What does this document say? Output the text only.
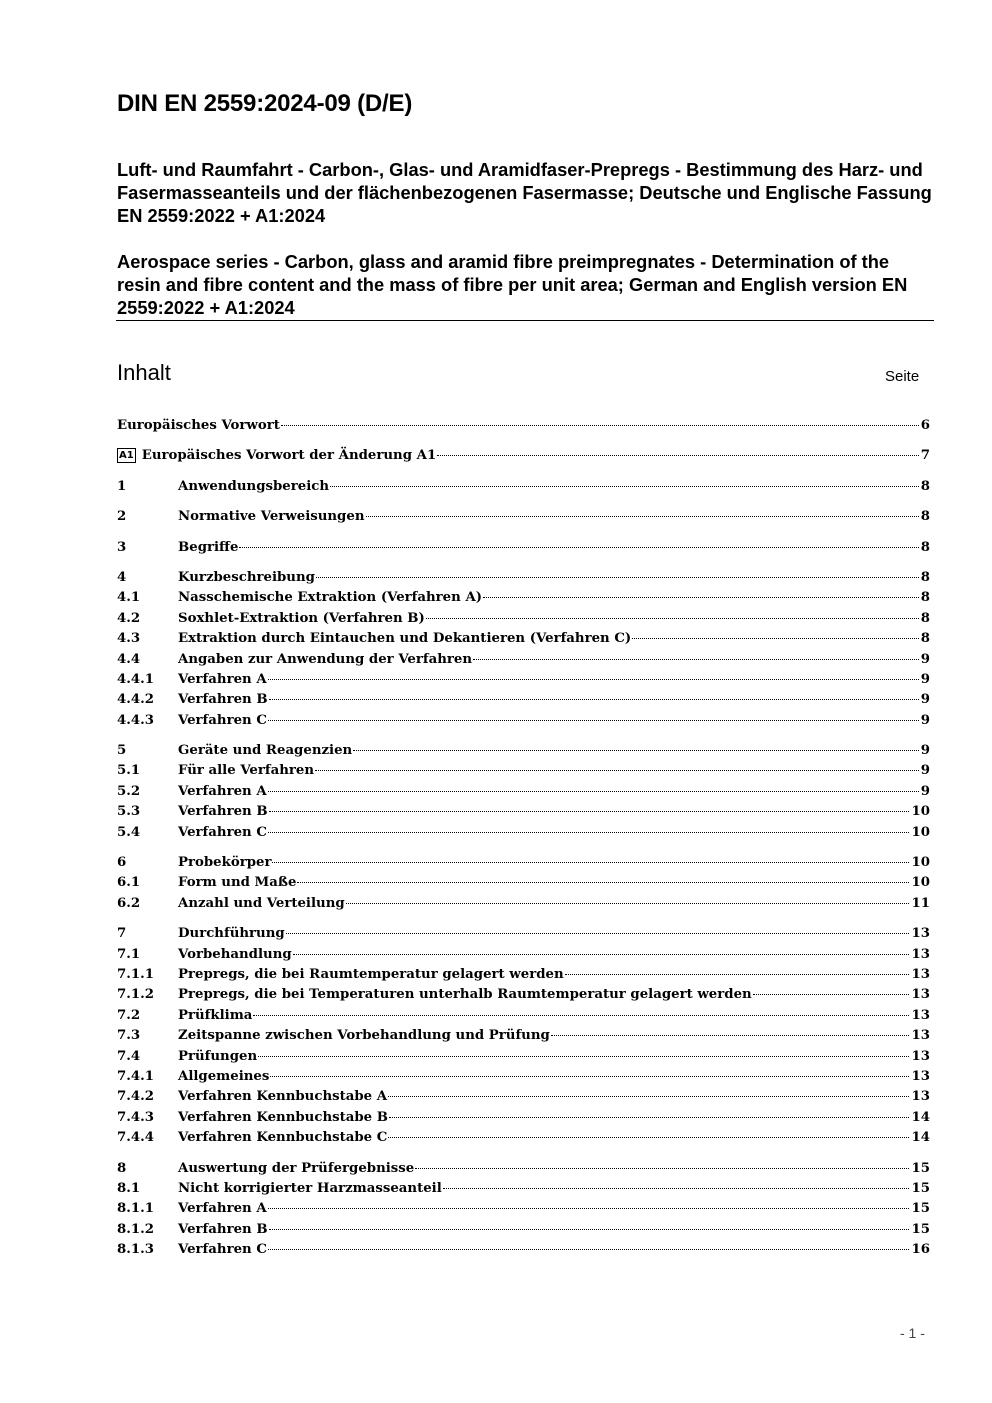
DIN EN 2559:2024-09 (D/E)

Luft- und Raumfahrt - Carbon-, Glas- und Aramidfaser-Prepregs - Bestimmung des Harz- und Fasermasseanteils und der flächenbezogenen Fasermasse; Deutsche und Englische Fassung EN 2559:2022 + A1:2024

Aerospace series - Carbon, glass and aramid fibre preimpregnates - Determination of the resin and fibre content and the mass of fibre per unit area; German and English version EN 2559:2022 + A1:2024

Inhalt	Seite
Europäisches Vorwort	6
A1 Europäisches Vorwort der Änderung A1	7
1	Anwendungsbereich	8
2	Normative Verweisungen	8
3	Begriffe	8
4	Kurzbeschreibung	8
4.1	Nasschemische Extraktion (Verfahren A)	8
4.2	Soxhlet-Extraktion (Verfahren B)	8
4.3	Extraktion durch Eintauchen und Dekantieren (Verfahren C)	8
4.4	Angaben zur Anwendung der Verfahren	9
4.4.1	Verfahren A	9
4.4.2	Verfahren B	9
4.4.3	Verfahren C	9
5	Geräte und Reagenzien	9
5.1	Für alle Verfahren	9
5.2	Verfahren A	9
5.3	Verfahren B	10
5.4	Verfahren C	10
6	Probekörper	10
6.1	Form und Maße	10
6.2	Anzahl und Verteilung	11
7	Durchführung	13
7.1	Vorbehandlung	13
7.1.1	Prepregs, die bei Raumtemperatur gelagert werden	13
7.1.2	Prepregs, die bei Temperaturen unterhalb Raumtemperatur gelagert werden	13
7.2	Prüfklima	13
7.3	Zeitspanne zwischen Vorbehandlung und Prüfung	13
7.4	Prüfungen	13
7.4.1	Allgemeines	13
7.4.2	Verfahren Kennbuchstabe A	13
7.4.3	Verfahren Kennbuchstabe B	14
7.4.4	Verfahren Kennbuchstabe C	14
8	Auswertung der Prüfergebnisse	15
8.1	Nicht korrigierter Harzmasseanteil	15
8.1.1	Verfahren A	15
8.1.2	Verfahren B	15
8.1.3	Verfahren C	16
- 1 -
